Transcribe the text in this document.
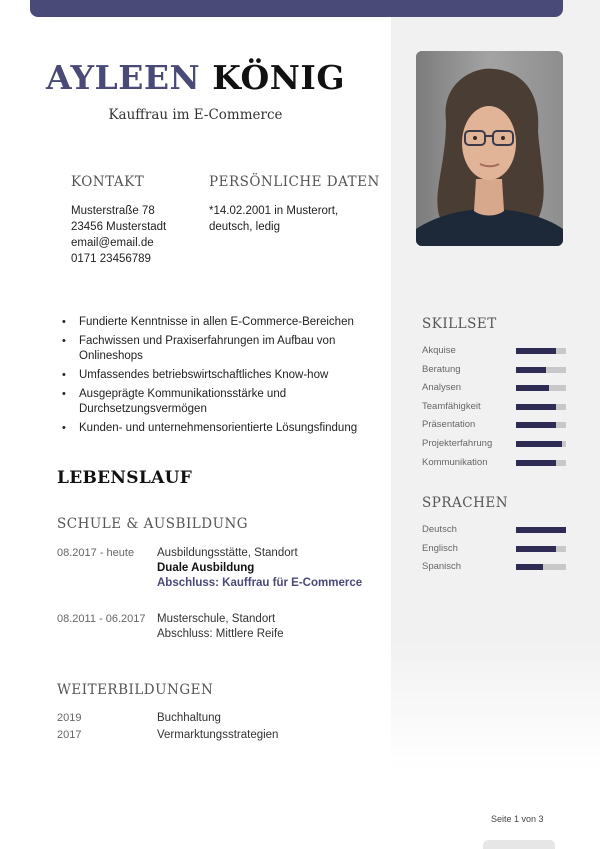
AYLEEN KÖNIG
Kauffrau im E-Commerce
KONTAKT
Musterstraße 78
23456 Musterstadt
email@email.de
0171 23456789
PERSÖNLICHE DATEN
*14.02.2001 in Musterort,
deutsch, ledig
• Fundierte Kenntnisse in allen E-Commerce-Bereichen
• Fachwissen und Praxiserfahrungen im Aufbau von Onlineshops
• Umfassendes betriebswirtschaftliches Know-how
• Ausgeprägte Kommunikationsstärke und Durchsetzungsvermögen
• Kunden- und unternehmensorientierte Lösungsfindung
LEBENSLAUF
SCHULE & AUSBILDUNG
08.2017 - heute Ausbildungsstätte, Standort
Duale Ausbildung
Abschluss: Kauffrau für E-Commerce
08.2011 - 06.2017 Musterschule, Standort
Abschluss: Mittlere Reife
WEITERBILDUNGEN
2019	Buchhaltung
2017	Vermarktungsstrategien
SKILLSET
Akquise
Beratung
Analysen
Teamfähigkeit
Präsentation
Projekterfahrung
Kommunikation
SPRACHEN
Deutsch
Englisch
Spanisch
Seite 1 von 3
